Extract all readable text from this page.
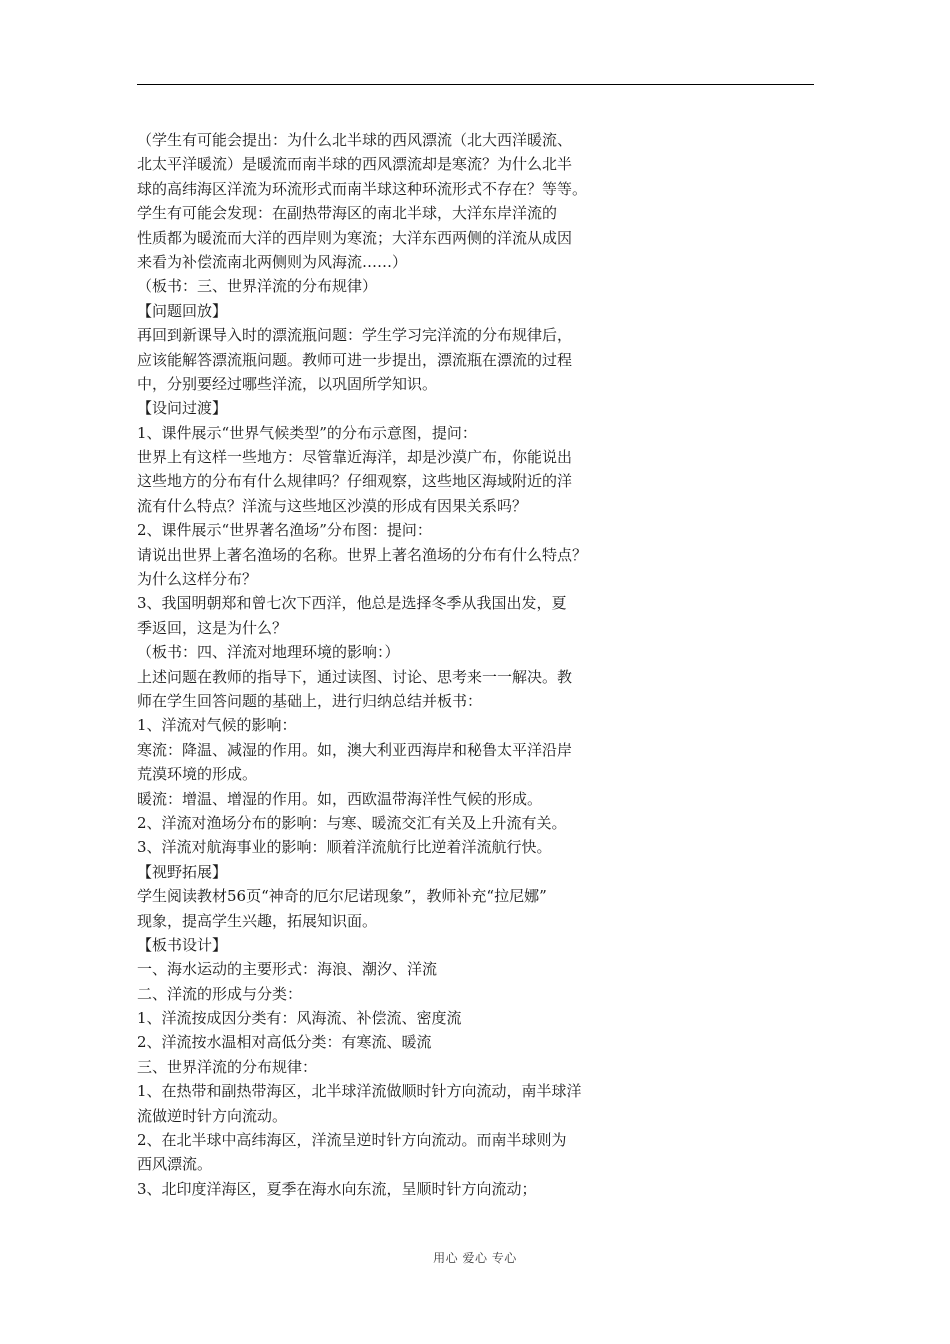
（学生有可能会提出：为什么北半球的西风漂流（北大西洋暖流、
北太平洋暖流）是暖流而南半球的西风漂流却是寒流？为什么北半
球的高纬海区洋流为环流形式而南半球这种环流形式不存在？等等。
学生有可能会发现：在副热带海区的南北半球，大洋东岸洋流的
性质都为暖流而大洋的西岸则为寒流；大洋东西两侧的洋流从成因
来看为补偿流南北两侧则为风海流……）
（板书：三、世界洋流的分布规律）
【问题回放】
再回到新课导入时的漂流瓶问题：学生学习完洋流的分布规律后，
应该能解答漂流瓶问题。教师可进一步提出，漂流瓶在漂流的过程
中，分别要经过哪些洋流，以巩固所学知识。
【设问过渡】
1、课件展示“世界气候类型”的分布示意图，提问：
世界上有这样一些地方：尽管靠近海洋，却是沙漠广布，你能说出
这些地方的分布有什么规律吗？仔细观察，这些地区海域附近的洋
流有什么特点？洋流与这些地区沙漠的形成有因果关系吗？
2、课件展示“世界著名渔场”分布图：提问：
请说出世界上著名渔场的名称。世界上著名渔场的分布有什么特点？
为什么这样分布？
3、我国明朝郑和曾七次下西洋，他总是选择冬季从我国出发，夏
季返回，这是为什么？
（板书：四、洋流对地理环境的影响：）
上述问题在教师的指导下，通过读图、讨论、思考来一一解决。教
师在学生回答问题的基础上，进行归纳总结并板书：
1、洋流对气候的影响：
寒流：降温、减湿的作用。如，澳大利亚西海岸和秘鲁太平洋沿岸
荒漠环境的形成。
暖流：增温、增湿的作用。如，西欧温带海洋性气候的形成。
2、洋流对渔场分布的影响：与寒、暖流交汇有关及上升流有关。
3、洋流对航海事业的影响：顺着洋流航行比逆着洋流航行快。
【视野拓展】
学生阅读教材56页“神奇的厄尔尼诺现象”，教师补充“拉尼娜”
现象，提高学生兴趣，拓展知识面。
【板书设计】
一、海水运动的主要形式：海浪、潮汐、洋流
二、洋流的形成与分类：
1、洋流按成因分类有：风海流、补偿流、密度流
2、洋流按水温相对高低分类：有寒流、暖流
三、世界洋流的分布规律：
1、在热带和副热带海区，北半球洋流做顺时针方向流动，南半球洋
流做逆时针方向流动。
2、在北半球中高纬海区，洋流呈逆时针方向流动。而南半球则为
西风漂流。
3、北印度洋海区，夏季在海水向东流，呈顺时针方向流动；
用心 爱心 专心
